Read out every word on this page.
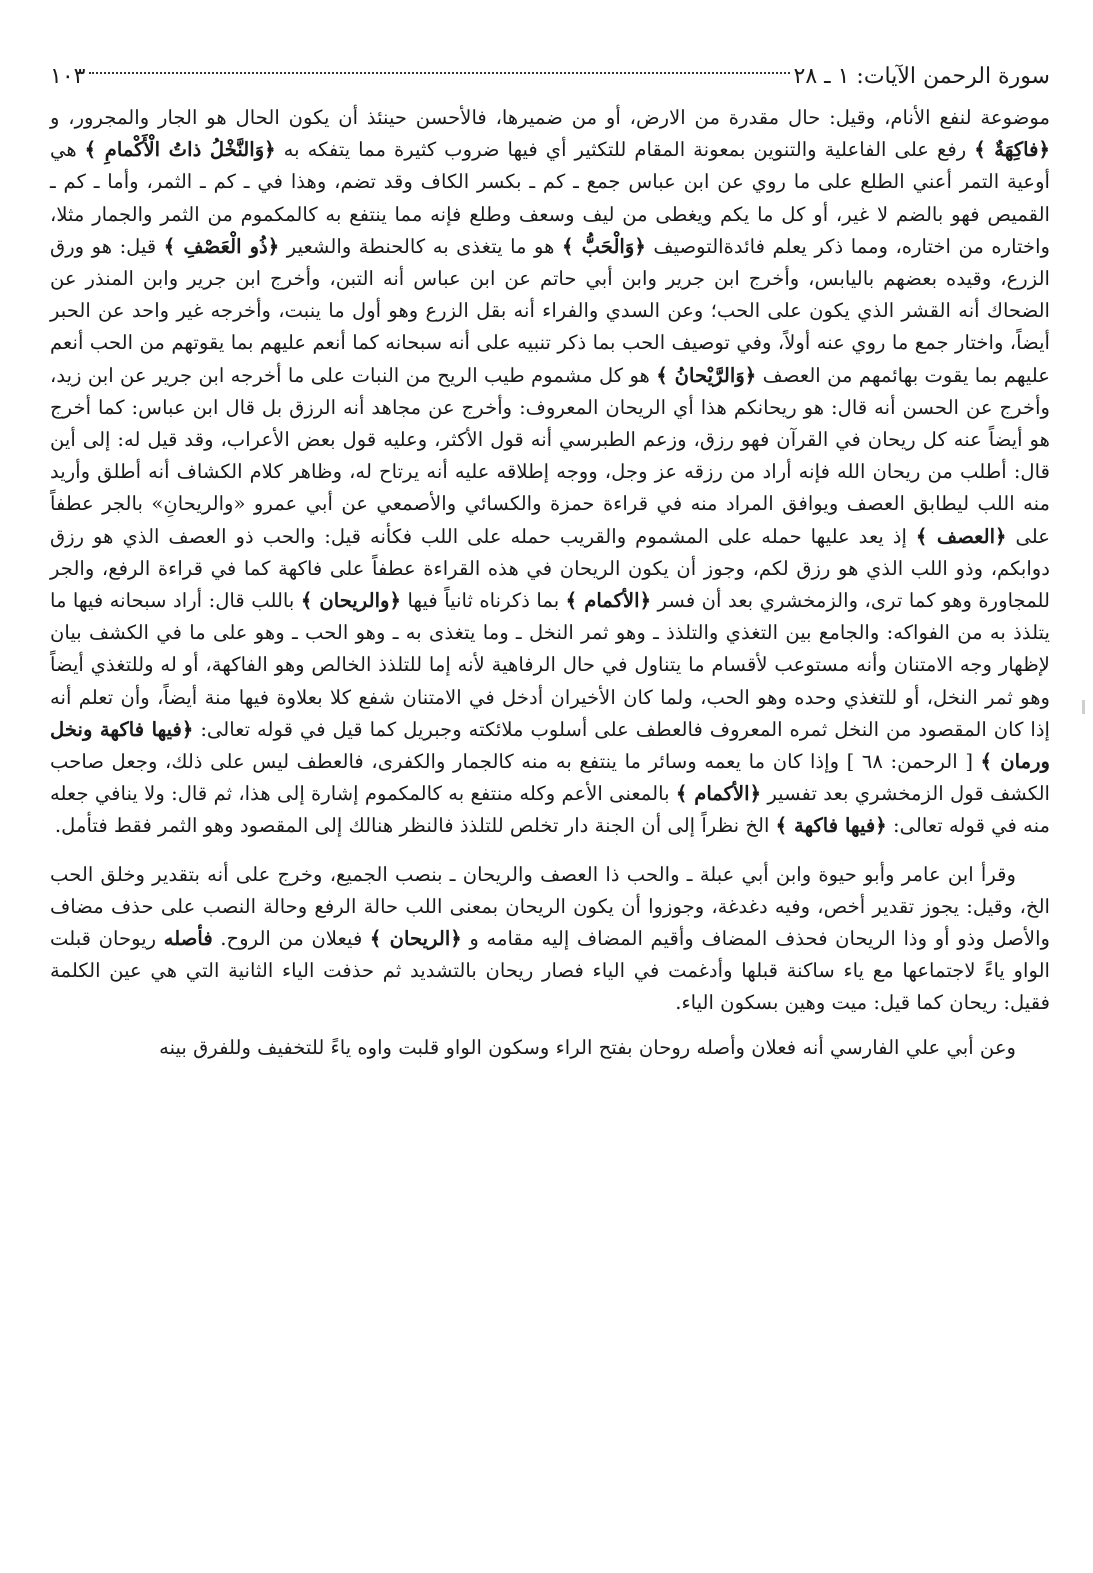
سورة الرحمن الآيات: ١ ـ ٢٨
١٠٣

موضوعة لنفع الأنام، وقيل: حال مقدرة من الارض، أو من ضميرها، فالأحسن حينئذ أن يكون الحال هو الجار والمجرور، و ﴿فاكِهَةٌ ﴾ رفع على الفاعلية والتنوين بمعونة المقام للتكثير أي فيها ضروب كثيرة مما يتفكه به ﴿وَالنَّخْلُ ذاتُ الْأَكْمامِ ﴾ هي أوعية التمر أعني الطلع على ما روي عن ابن عباس جمع ـ كم ـ بكسر الكاف وقد تضم، وهذا في ـ كم ـ الثمر، وأما ـ كم ـ القميص فهو بالضم لا غير، أو كل ما يكم ويغطى من ليف وسعف وطلع فإنه مما ينتفع به كالمكموم من الثمر والجمار مثلا، واختاره من اختاره، ومما ذكر يعلم فائدةالتوصيف ﴿وَالْحَبُّ ﴾ هو ما يتغذى به كالحنطة والشعير ﴿ذُو الْعَصْفِ ﴾ قيل: هو ورق الزرع، وقيده بعضهم باليابس، وأخرج ابن جرير وابن أبي حاتم عن ابن عباس أنه التبن، وأخرج ابن جرير وابن المنذر عن الضحاك أنه القشر الذي يكون على الحب؛ وعن السدي والفراء أنه بقل الزرع وهو أول ما ينبت، وأخرجه غير واحد عن الحبر أيضاً، واختار جمع ما روي عنه أولاً، وفي توصيف الحب بما ذكر تنبيه على أنه سبحانه كما أنعم عليهم بما يقوتهم من الحب أنعم عليهم بما يقوت بهائمهم من العصف ﴿وَالرَّيْحانُ ﴾ هو كل مشموم طيب الريح من النبات على ما أخرجه ابن جرير عن ابن زيد، وأخرج عن الحسن أنه قال: هو ريحانكم هذا أي الريحان المعروف: وأخرج عن مجاهد أنه الرزق بل قال ابن عباس: كما أخرج هو أيضاً عنه كل ريحان في القرآن فهو رزق، وزعم الطبرسي أنه قول الأكثر، وعليه قول بعض الأعراب، وقد قيل له: إلى أين قال: أطلب من ريحان الله فإنه أراد من رزقه عز وجل، ووجه إطلاقه عليه أنه يرتاح له، وظاهر كلام الكشاف أنه أطلق وأريد منه اللب ليطابق العصف ويوافق المراد منه في قراءة حمزة والكسائي والأصمعي عن أبي عمرو «والريحانِ» بالجر عطفاً على ﴿العصف ﴾ إذ يعد عليها حمله على المشموم والقريب حمله على اللب فكأنه قيل: والحب ذو العصف الذي هو رزق دوابكم، وذو اللب الذي هو رزق لكم، وجوز أن يكون الريحان في هذه القراءة عطفاً على فاكهة كما في قراءة الرفع، والجر للمجاورة وهو كما ترى، والزمخشري بعد أن فسر ﴿الأكمام ﴾ بما ذكرناه ثانياً فيها ﴿والريحان ﴾ باللب قال: أراد سبحانه فيها ما يتلذذ به من الفواكه: والجامع بين التغذي والتلذذ ـ وهو ثمر النخل ـ وما يتغذى به ـ وهو الحب ـ وهو على ما في الكشف بيان لإظهار وجه الامتنان وأنه مستوعب لأقسام ما يتناول في حال الرفاهية لأنه إما للتلذذ الخالص وهو الفاكهة، أو له وللتغذي أيضاً وهو ثمر النخل، أو للتغذي وحده وهو الحب، ولما كان الأخيران أدخل في الامتنان شفع كلا بعلاوة فيها منة أيضاً، وأن تعلم أنه إذا كان المقصود من النخل ثمره المعروف فالعطف على أسلوب ملائكته وجبريل كما قيل في قوله تعالى: ﴿فيها فاكهة ونخل ورمان ﴾ [ الرحمن: ٦٨ ] وإذا كان ما يعمه وسائر ما ينتفع به منه كالجمار والكفرى، فالعطف ليس على ذلك، وجعل صاحب الكشف قول الزمخشري بعد تفسير ﴿الأكمام ﴾ بالمعنى الأعم وكله منتفع به كالمكموم إشارة إلى هذا، ثم قال: ولا ينافي جعله منه في قوله تعالى: ﴿فيها فاكهة ﴾ الخ نظراً إلى أن الجنة دار تخلص للتلذذ فالنظر هنالك إلى المقصود وهو الثمر فقط فتأمل.

وقرأ ابن عامر وأبو حيوة وابن أبي عبلة ـ والحب ذا العصف والريحان ـ بنصب الجميع، وخرج على أنه بتقدير وخلق الحب الخ، وقيل: يجوز تقدير أخص، وفيه دغدغة، وجوزوا أن يكون الريحان بمعنى اللب حالة الرفع وحالة النصب على حذف مضاف والأصل وذو أو وذا الريحان فحذف المضاف وأقيم المضاف إليه مقامه و ﴿الريحان ﴾ فيعلان من الروح. فأصله ريوحان قبلت الواو ياءً لاجتماعها مع ياء ساكنة قبلها وأدغمت في الياء فصار ريحان بالتشديد ثم حذفت الياء الثانية التي هي عين الكلمة فقيل: ريحان كما قيل: ميت وهين بسكون الياء.

وعن أبي علي الفارسي أنه فعلان وأصله روحان بفتح الراء وسكون الواو قلبت واوه ياءً للتخفيف وللفرق بينه
